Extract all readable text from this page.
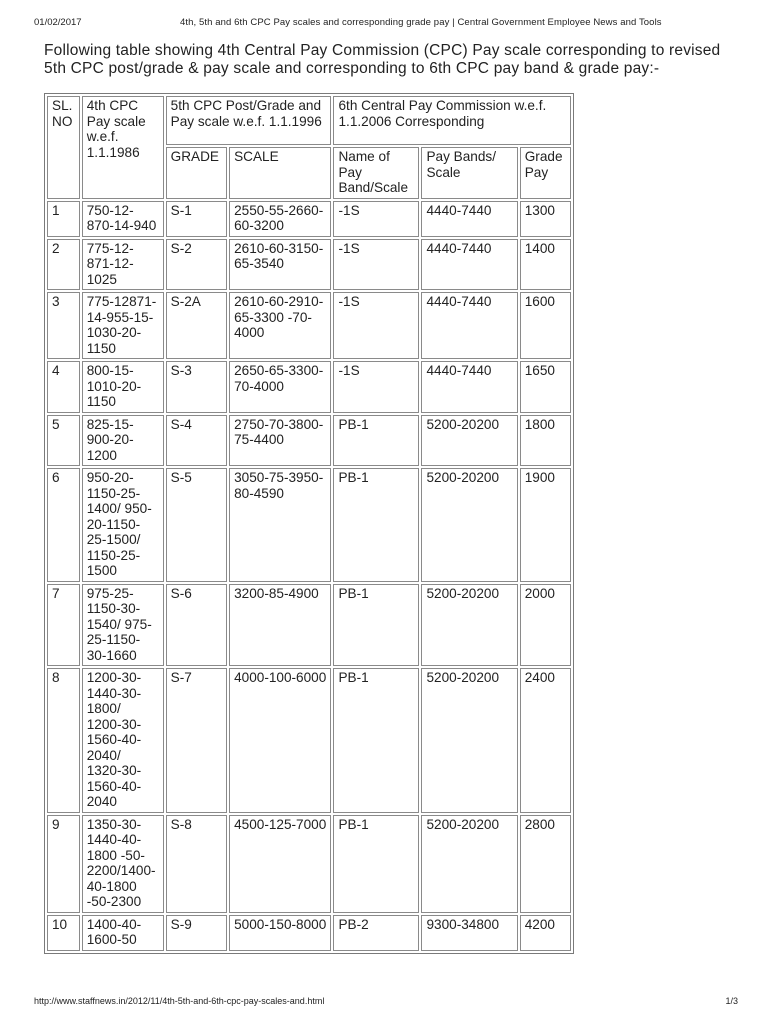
01/02/2017	4th, 5th and 6th CPC Pay scales and corresponding grade pay | Central Government Employee News and Tools
Following table showing 4th Central Pay Commission (CPC) Pay scale corresponding to revised 5th CPC post/grade & pay scale and corresponding to 6th CPC pay band & grade pay:-
SL. NO	4th CPC Pay scale w.e.f. 1.1.1986	5th CPC Post/Grade and Pay scale w.e.f. 1.1.1996		6th Central Pay Commission w.e.f. 1.1.2006 Corresponding		
		GRADE	SCALE	Name of Pay Band/Scale	Pay Bands/ Scale	Grade Pay
1	750-12-870-14-940	S-1	2550-55-2660-60-3200	-1S	4440-7440	1300
2	775-12-871-12-1025	S-2	2610-60-3150-65-3540	-1S	4440-7440	1400
3	775-12871-14-955-15-1030-20-1150	S-2A	2610-60-2910-65-3300 -70-4000	-1S	4440-7440	1600
4	800-15-1010-20-1150	S-3	2650-65-3300-70-4000	-1S	4440-7440	1650
5	825-15-900-20-1200	S-4	2750-70-3800-75-4400	PB-1	5200-20200	1800
6	950-20-1150-25-1400/ 950-20-1150-25-1500/ 1150-25-1500	S-5	3050-75-3950-80-4590	PB-1	5200-20200	1900
7	975-25-1150-30-1540/ 975-25-1150-30-1660	S-6	3200-85-4900	PB-1	5200-20200	2000
8	1200-30-1440-30-1800/ 1200-30-1560-40-2040/ 1320-30-1560-40-2040	S-7	4000-100-6000	PB-1	5200-20200	2400
9	1350-30-1440-40-1800 -50-2200/1400-40-1800 -50-2300	S-8	4500-125-7000	PB-1	5200-20200	2800
10	1400-40-1600-50	S-9	5000-150-8000	PB-2	9300-34800	4200
http://www.staffnews.in/2012/11/4th-5th-and-6th-cpc-pay-scales-and.html	1/3
